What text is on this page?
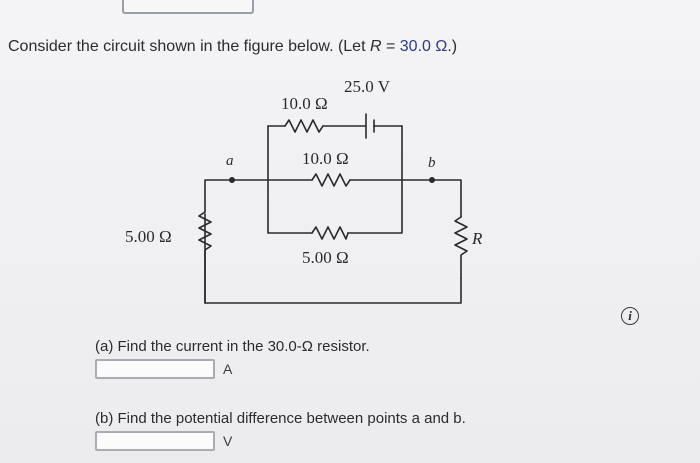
Consider the circuit shown in the figure below. (Let R = 30.0 Ω.)
25.0 V
10.0 Ω
10.0 Ω
5.00 Ω
5.00 Ω	R
a	b
i
(a) Find the current in the 30.0-Ω resistor.
A
(b) Find the potential difference between points a and b.
V
